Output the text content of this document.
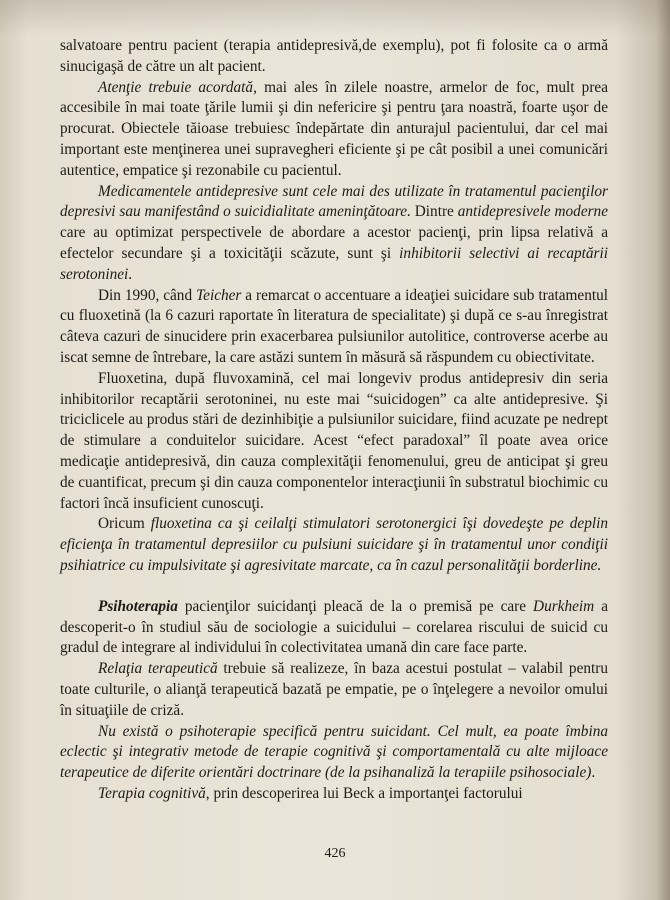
salvatoare pentru pacient (terapia antidepresivă,de exemplu), pot fi folosite ca o armă sinucigaşă de către un alt pacient.

Atenţie trebuie acordată, mai ales în zilele noastre, armelor de foc, mult prea accesibile în mai toate ţările lumii şi din nefericire şi pentru ţara noastră, foarte uşor de procurat. Obiectele tăioase trebuiesc îndepărtate din anturajul pacientului, dar cel mai important este menţinerea unei supravegheri eficiente şi pe cât posibil a unei comunicări autentice, empatice şi rezonabile cu pacientul.

Medicamentele antidepresive sunt cele mai des utilizate în tratamentul pacienţilor depresivi sau manifestând o suicidialitate ameninţătoare. Dintre antidepresivele moderne care au optimizat perspectivele de abordare a acestor pacienţi, prin lipsa relativă a efectelor secundare şi a toxicităţii scăzute, sunt şi inhibitorii selectivi ai recaptării serotoninei.

Din 1990, când Teicher a remarcat o accentuare a ideaţiei suicidare sub tratamentul cu fluoxetină (la 6 cazuri raportate în literatura de specialitate) şi după ce s-au înregistrat câteva cazuri de sinucidere prin exacerbarea pulsiunilor autolitice, controverse acerbe au iscat semne de întrebare, la care astăzi suntem în măsură să răspundem cu obiectivitate.

Fluoxetina, după fluvoxamină, cel mai longeviv produs antidepresiv din seria inhibitorilor recaptării serotoninei, nu este mai “suicidogen” ca alte antidepresive. Şi triciclicele au produs stări de dezinhibiţie a pulsiunilor suicidare, fiind acuzate pe nedrept de stimulare a conduitelor suicidare. Acest “efect paradoxal” îl poate avea orice medicaţie antidepresivă, din cauza complexităţii fenomenului, greu de anticipat şi greu de cuantificat, precum şi din cauza componentelor interacţiunii în substratul biochimic cu factori încă insuficient cunoscuţi.

Oricum fluoxetina ca şi ceilalţi stimulatori serotonergici îşi dovedeşte pe deplin eficienţa în tratamentul depresiilor cu pulsiuni suicidare şi în tratamentul unor condiţii psihiatrice cu impulsivitate şi agresivitate marcate, ca în cazul personalităţii borderline.

Psihoterapia pacienţilor suicidanţi pleacă de la o premisă pe care Durkheim a descoperit-o în studiul său de sociologie a suicidului – corelarea riscului de suicid cu gradul de integrare al individului în colectivitatea umană din care face parte.

Relaţia terapeutică trebuie să realizeze, în baza acestui postulat – valabil pentru toate culturile, o alianţă terapeutică bazată pe empatie, pe o înţelegere a nevoilor omului în situaţiile de criză.

Nu există o psihoterapie specifică pentru suicidant. Cel mult, ea poate îmbina eclectic şi integrativ metode de terapie cognitivă şi comportamentală cu alte mijloace terapeutice de diferite orientări doctrinare (de la psihanaliză la terapiile psihosociale).

Terapia cognitivă, prin descoperirea lui Beck a importanţei factorului

426
